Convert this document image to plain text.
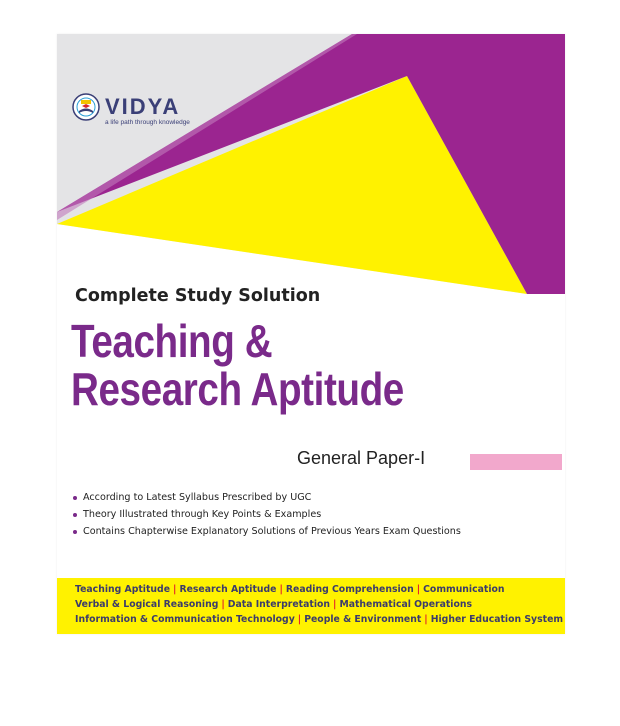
VIDYA
a life path through knowledge
Complete Study Solution
Teaching &
Research Aptitude
General Paper-I
According to Latest Syllabus Prescribed by UGC
Theory Illustrated through Key Points & Examples
Contains Chapterwise Explanatory Solutions of Previous Years Exam Questions
Teaching Aptitude | Research Aptitude | Reading Comprehension | Communication
Verbal & Logical Reasoning | Data Interpretation | Mathematical Operations
Information & Communication Technology | People & Environment | Higher Education System
